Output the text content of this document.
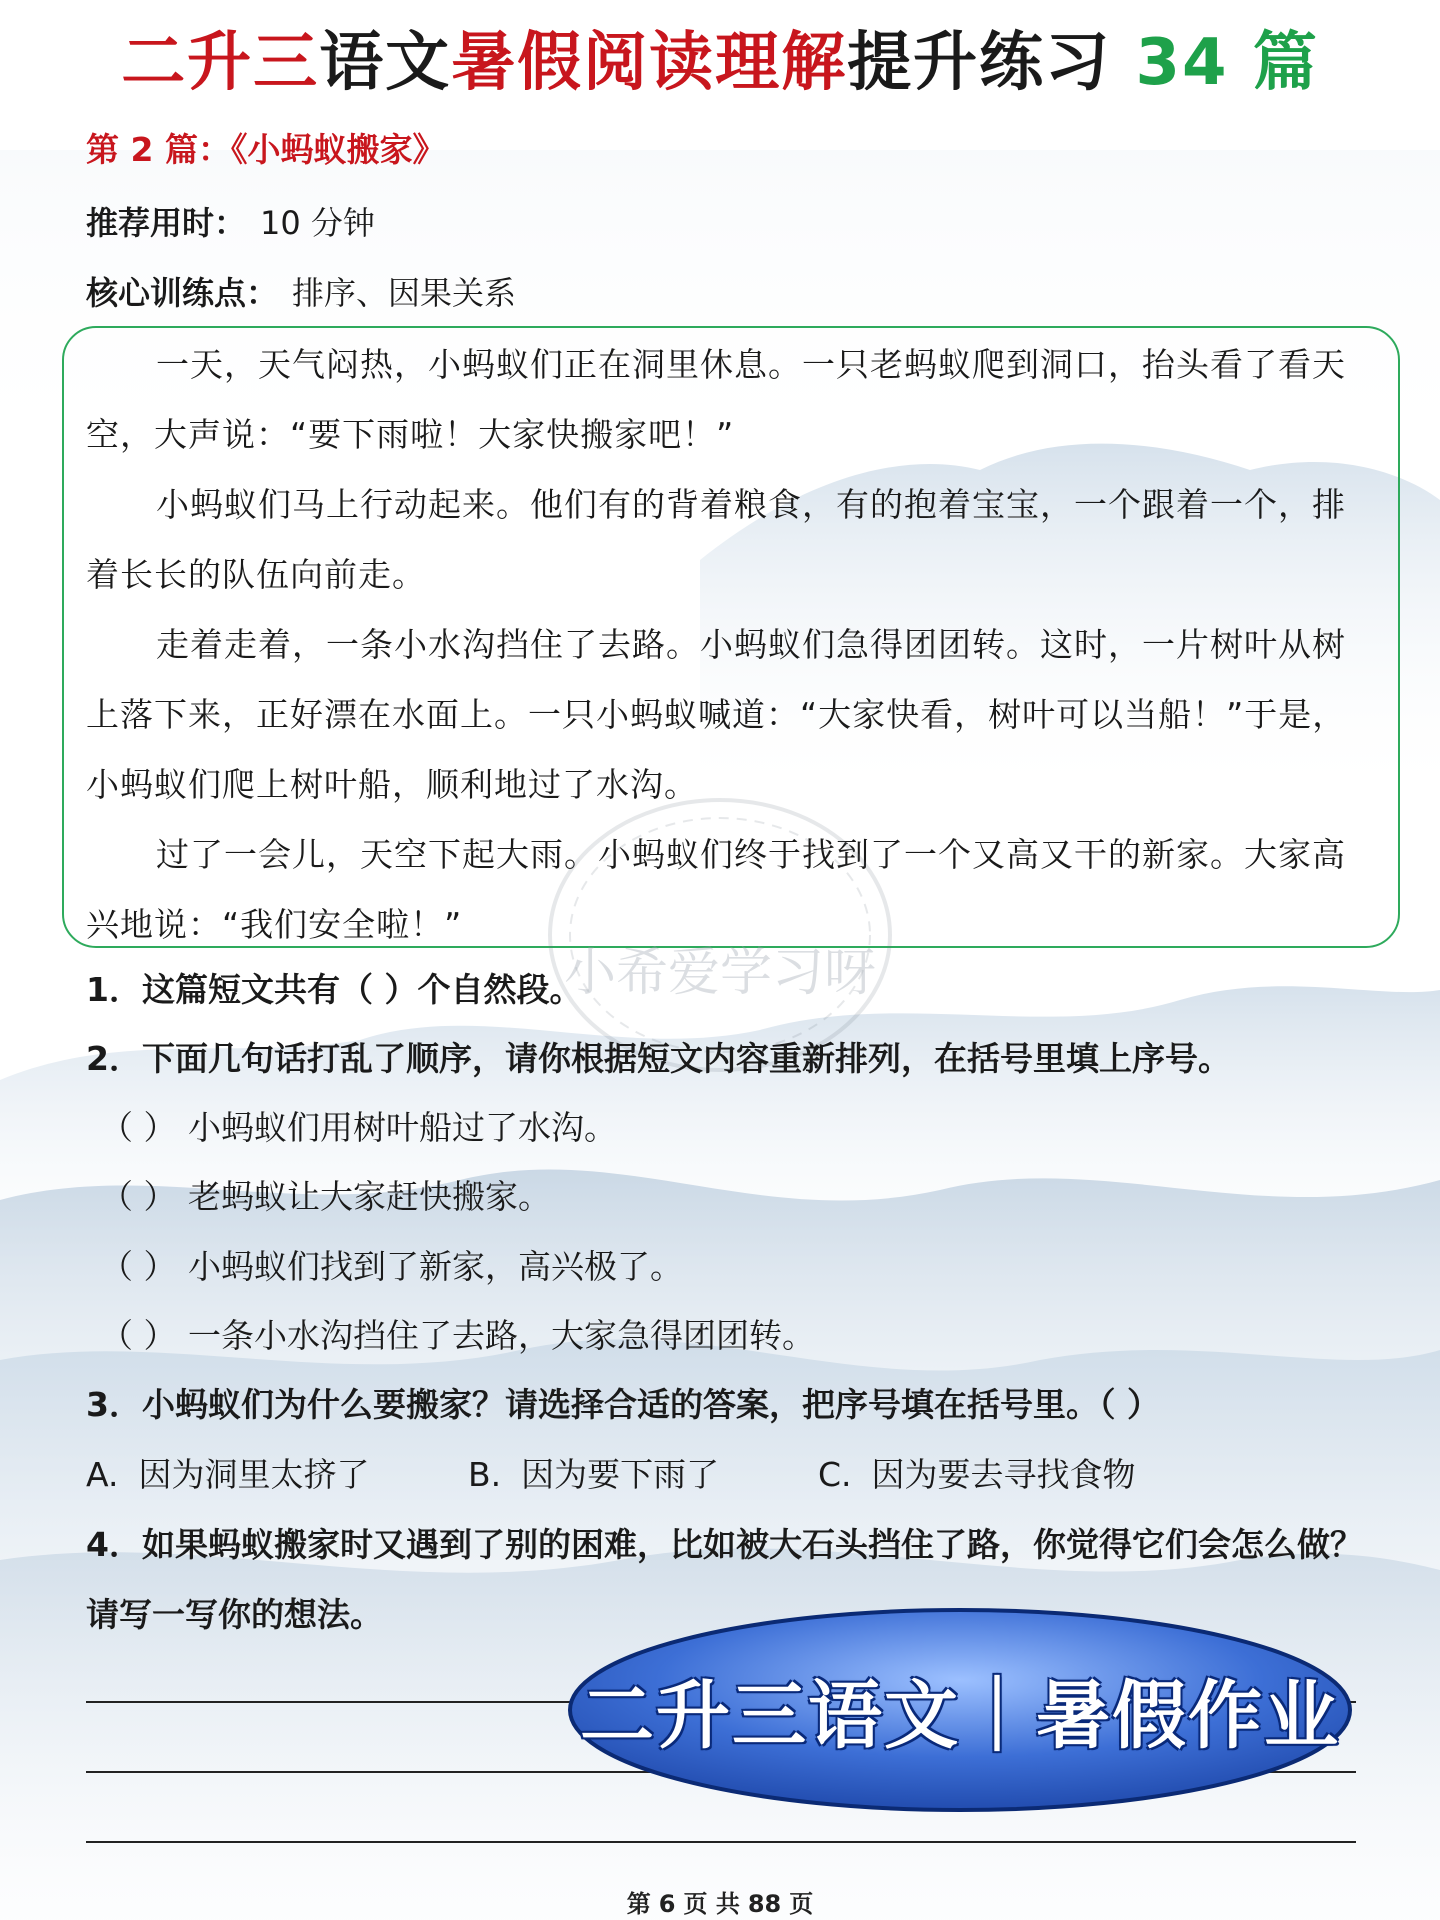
二升三语文暑假阅读理解提升练习 34 篇
第 2 篇：《小蚂蚁搬家》
推荐用时： 10 分钟
核心训练点： 排序、因果关系

一天，天气闷热，小蚂蚁们正在洞里休息。一只老蚂蚁爬到洞口，抬头看了看天空，大声说：“要下雨啦！大家快搬家吧！”

小蚂蚁们马上行动起来。他们有的背着粮食，有的抱着宝宝，一个跟着一个，排着长长的队伍向前走。

走着走着，一条小水沟挡住了去路。小蚂蚁们急得团团转。这时，一片树叶从树上落下来，正好漂在水面上。一只小蚂蚁喊道：“大家快看，树叶可以当船！”于是，小蚂蚁们爬上树叶船，顺利地过了水沟。

过了一会儿，天空下起大雨。小蚂蚁们终于找到了一个又高又干的新家。大家高兴地说：“我们安全啦！”

小希爱学习呀
1．这篇短文共有（ ）个自然段。
2．下面几句话打乱了顺序，请你根据短文内容重新排列，在括号里填上序号。
（ ） 小蚂蚁们用树叶船过了水沟。
（ ） 老蚂蚁让大家赶快搬家。
（ ） 小蚂蚁们找到了新家，高兴极了。
（ ） 一条小水沟挡住了去路，大家急得团团转。
3．小蚂蚁们为什么要搬家？请选择合适的答案，把序号填在括号里。（ ）
A. 因为洞里太挤了	B. 因为要下雨了	C. 因为要去寻找食物
4．如果蚂蚁搬家时又遇到了别的困难，比如被大石头挡住了路，你觉得它们会怎么做？请写一写你的想法。
二升三语文｜暑假作业
第 6 页 共 88 页
